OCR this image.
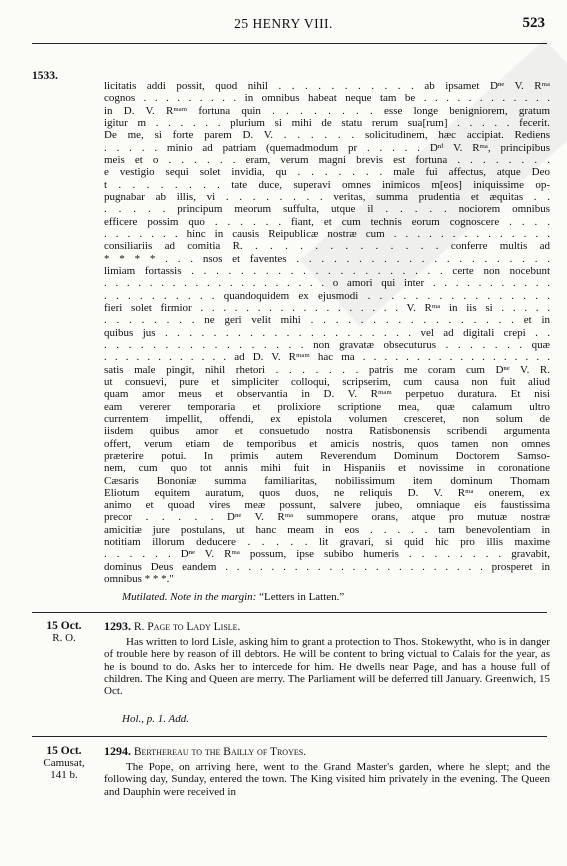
25 HENRY VIII.	523
1533.
licitatis addi possit, quod nihil . . . . . . . . . . . ab ipsamet Dⁿᵉ V. Rᵐᵃ
cognos . . . . . . . . . in omnibus habeat neque tam be . . . . . . . . . . . .
in D. V. Rᵐᵃᵐ fortuna quin . . . . . . . . esse longe benigniorem, gratum
igitur m . . . . . . plurium si mihi de statu rerum sua[rum] . . . . . fecerit.
De me, si forte parem D. V. . . . . . . solicitudinem, hæc accipiat. Rediens
. . . . . minio ad patriam (quemadmodum pr . . . . . Dⁿⁱ V. Rᵐᵃ, principibus
meis et o . . . . . . eram, verum magni brevis est fortuna . . . . . . . .
e vestigio sequi solet invidia, qu . . . . . . . male fui affectus, atque Deo
t . . . . . . . . tate duce, superavi omnes inimicos m[eos] iniquissime op-
pugnabar ab illis, vi . . . . . . . . veritas, summa prudentia et æquitas . .
. . . . . principum meorum suffulta, utque il . . . . . nociorem omnibus
efficere possim quo . . . . . . fiant, et cum technis eorum cognoscere . . . .
. . . . . . . hinc in causis Reipublicæ nostræ cum . . . . . . . . . . . . . .
consiliariis ad comitia R. . . . . . . . . . . . . . conferre multis ad
* * * * . . . nsos et faventes . . . . . . . . . . . . . . . . . . . . .
limiam fortassis . . . . . . . . . . . . . . . . . . . . . certe non nocebunt
. . . . . . . . . . . . . . . . . . . . o amori qui inter . . . . . . . . . . .
. . . . . . . . . . quandoquidem ex ejusmodi . . . . . . . . . . . . . . . .
fieri solet firmior . . . . . . . . . . . . . . . . . . V. Rᵐᵃ in iis si . . . . .
. . . . . . . . ne geri velit mihi . . . . . . . . . . . . . . . . . et in
quibus jus . . . . . . . . . . . . . . . . . . . . . vel ad digitali crepi . .
. . . . . . . . . . . . . . . . . non gravatæ obsecuturus . . . . . . . quæ
. . . . . . . . . . . . ad D. V. Rᵐᵃᵐ hac ma . . . . . . . . . . . . . . . . . .
satis male pingit, nihil rhetori . . . . . . . patris me coram cum Dⁿᵉ V. R.
ut consuevi, pure et simpliciter colloqui, scripserim, cum causa non fuit aliud
quam amor meus et observantia in D. V. Rᵐᵃᵐ perpetuo duratura. Et nisi
eam vererer temporaria et prolixiore scriptione mea, quæ calamum ultro
currentem impellit, offendi, ex epistola volumen cresceret, non solum de
iisdem quibus amor et consuetudo nostra Ratisbonensis scribendi argumenta
offert, verum etiam de temporibus et amicis nostris, quos tamen non omnes
præterire potui. In primis autem Reverendum Dominum Doctorem Samso-
nem, cum quo tot annis mihi fuit in Hispaniis et novissime in coronatione
Cæsaris Bononiæ summa familiaritas, nobilissimum item dominum Thomam
Eliotum equitem auratum, quos duos, ne reliquis D. V. Rᵐᵃ onerem, ex
animo et quoad vires meæ possunt, salvere jubeo, omniaque eis faustissima
precor . . . . . Dⁿᵉ V. Rᵐᵃ summopere orans, atque pro mutuæ nostræ
amicitiæ jure postulans, ut hanc meam in eos . . . . . tam benevolentiam in
notitiam illorum deducere . . . . . lit gravari, si quid hic pro illis maxime
. . . . . . Dⁿᵉ V. Rᵐᵃ possum, ipse subibo humeris . . . . . . . . gravabit,
dominus Deus eandem . . . . . . . . . . . . . . . . . . . . . . . prosperet in
omnibus * * *."
Mutilated. Note in the margin: “Letters in Latten.”
15 Oct.
R. O.
1293. R. Page to Lady Lisle.
Has written to lord Lisle, asking him to grant a protection to Thos. Stokewytht, who is in danger of trouble here by reason of ill debtors. He will be content to bring victual to Calais for the year, as he is bound to do. Asks her to intercede for him. He dwells near Page, and has a house full of children. The King and Queen are merry. The Parliament will be deferred till January. Greenwich, 15 Oct.
Hol., p. 1. Add.
15 Oct.
Camusat,
141 b.
1294. Berthereau to the Bailly of Troyes.
The Pope, on arriving here, went to the Grand Master's garden, where he slept; and the following day, Sunday, entered the town. The King visited him privately in the evening. The Queen and Dauphin were received in
